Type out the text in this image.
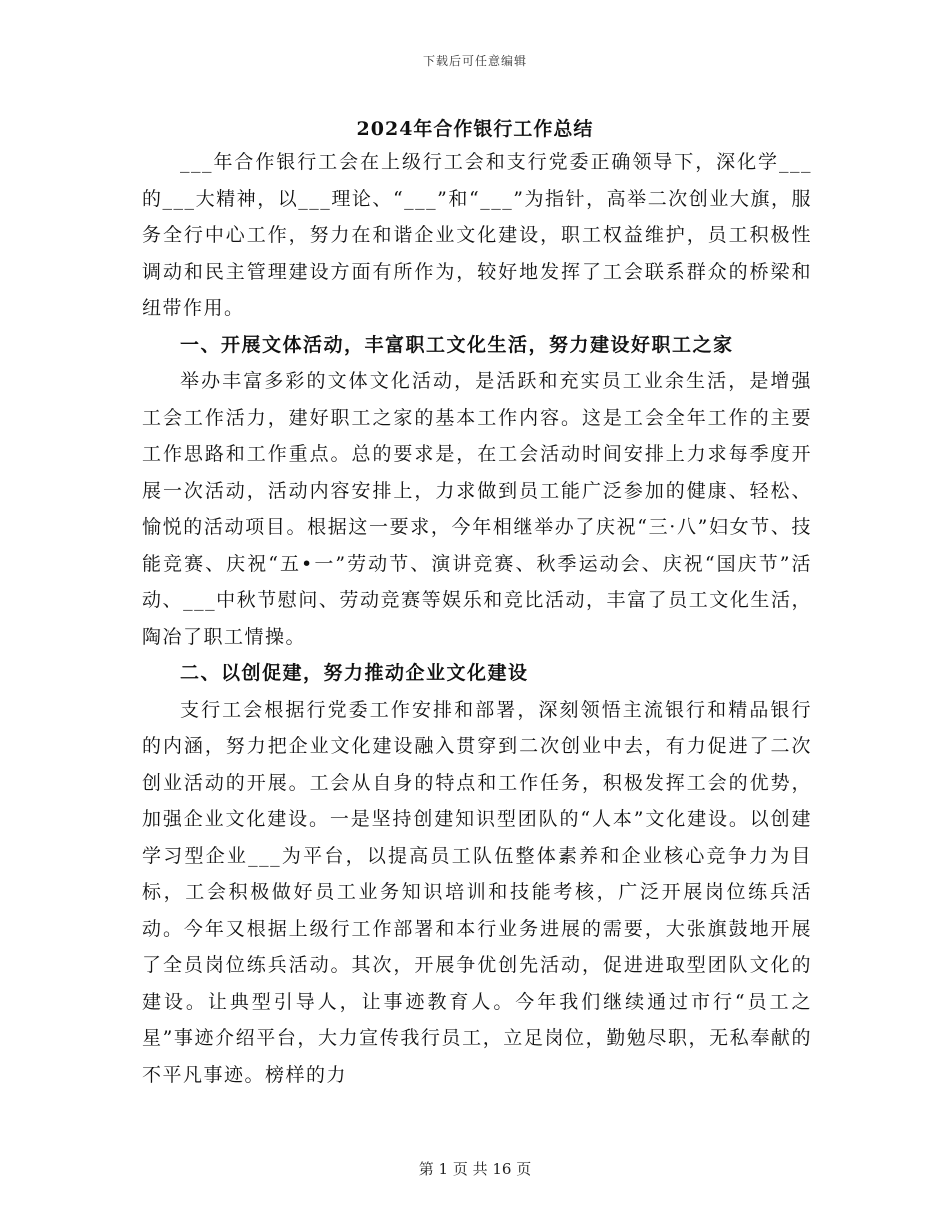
下载后可任意编辑
2024年合作银行工作总结

___年合作银行工会在上级行工会和支行党委正确领导下，深化学___的___大精神，以___理论、“___”和“___”为指针，高举二次创业大旗，服务全行中心工作，努力在和谐企业文化建设，职工权益维护，员工积极性调动和民主管理建设方面有所作为，较好地发挥了工会联系群众的桥梁和纽带作用。

一、开展文体活动，丰富职工文化生活，努力建设好职工之家

举办丰富多彩的文体文化活动，是活跃和充实员工业余生活，是增强工会工作活力，建好职工之家的基本工作内容。这是工会全年工作的主要工作思路和工作重点。总的要求是，在工会活动时间安排上力求每季度开展一次活动，活动内容安排上，力求做到员工能广泛参加的健康、轻松、愉悦的活动项目。根据这一要求，今年相继举办了庆祝“三·八”妇女节、技能竞赛、庆祝“五•一”劳动节、演讲竞赛、秋季运动会、庆祝“国庆节”活动、___中秋节慰问、劳动竞赛等娱乐和竞比活动，丰富了员工文化生活，陶冶了职工情操。

二、以创促建，努力推动企业文化建设

支行工会根据行党委工作安排和部署，深刻领悟主流银行和精品银行的内涵，努力把企业文化建设融入贯穿到二次创业中去，有力促进了二次创业活动的开展。工会从自身的特点和工作任务，积极发挥工会的优势，加强企业文化建设。一是坚持创建知识型团队的“人本”文化建设。以创建学习型企业___为平台，以提高员工队伍整体素养和企业核心竞争力为目标，工会积极做好员工业务知识培训和技能考核，广泛开展岗位练兵活动。今年又根据上级行工作部署和本行业务进展的需要，大张旗鼓地开展了全员岗位练兵活动。其次，开展争优创先活动，促进进取型团队文化的建设。让典型引导人，让事迹教育人。今年我们继续通过市行“员工之星”事迹介绍平台，大力宣传我行员工，立足岗位，勤勉尽职，无私奉献的不平凡事迹。榜样的力

第 1 页 共 16 页
